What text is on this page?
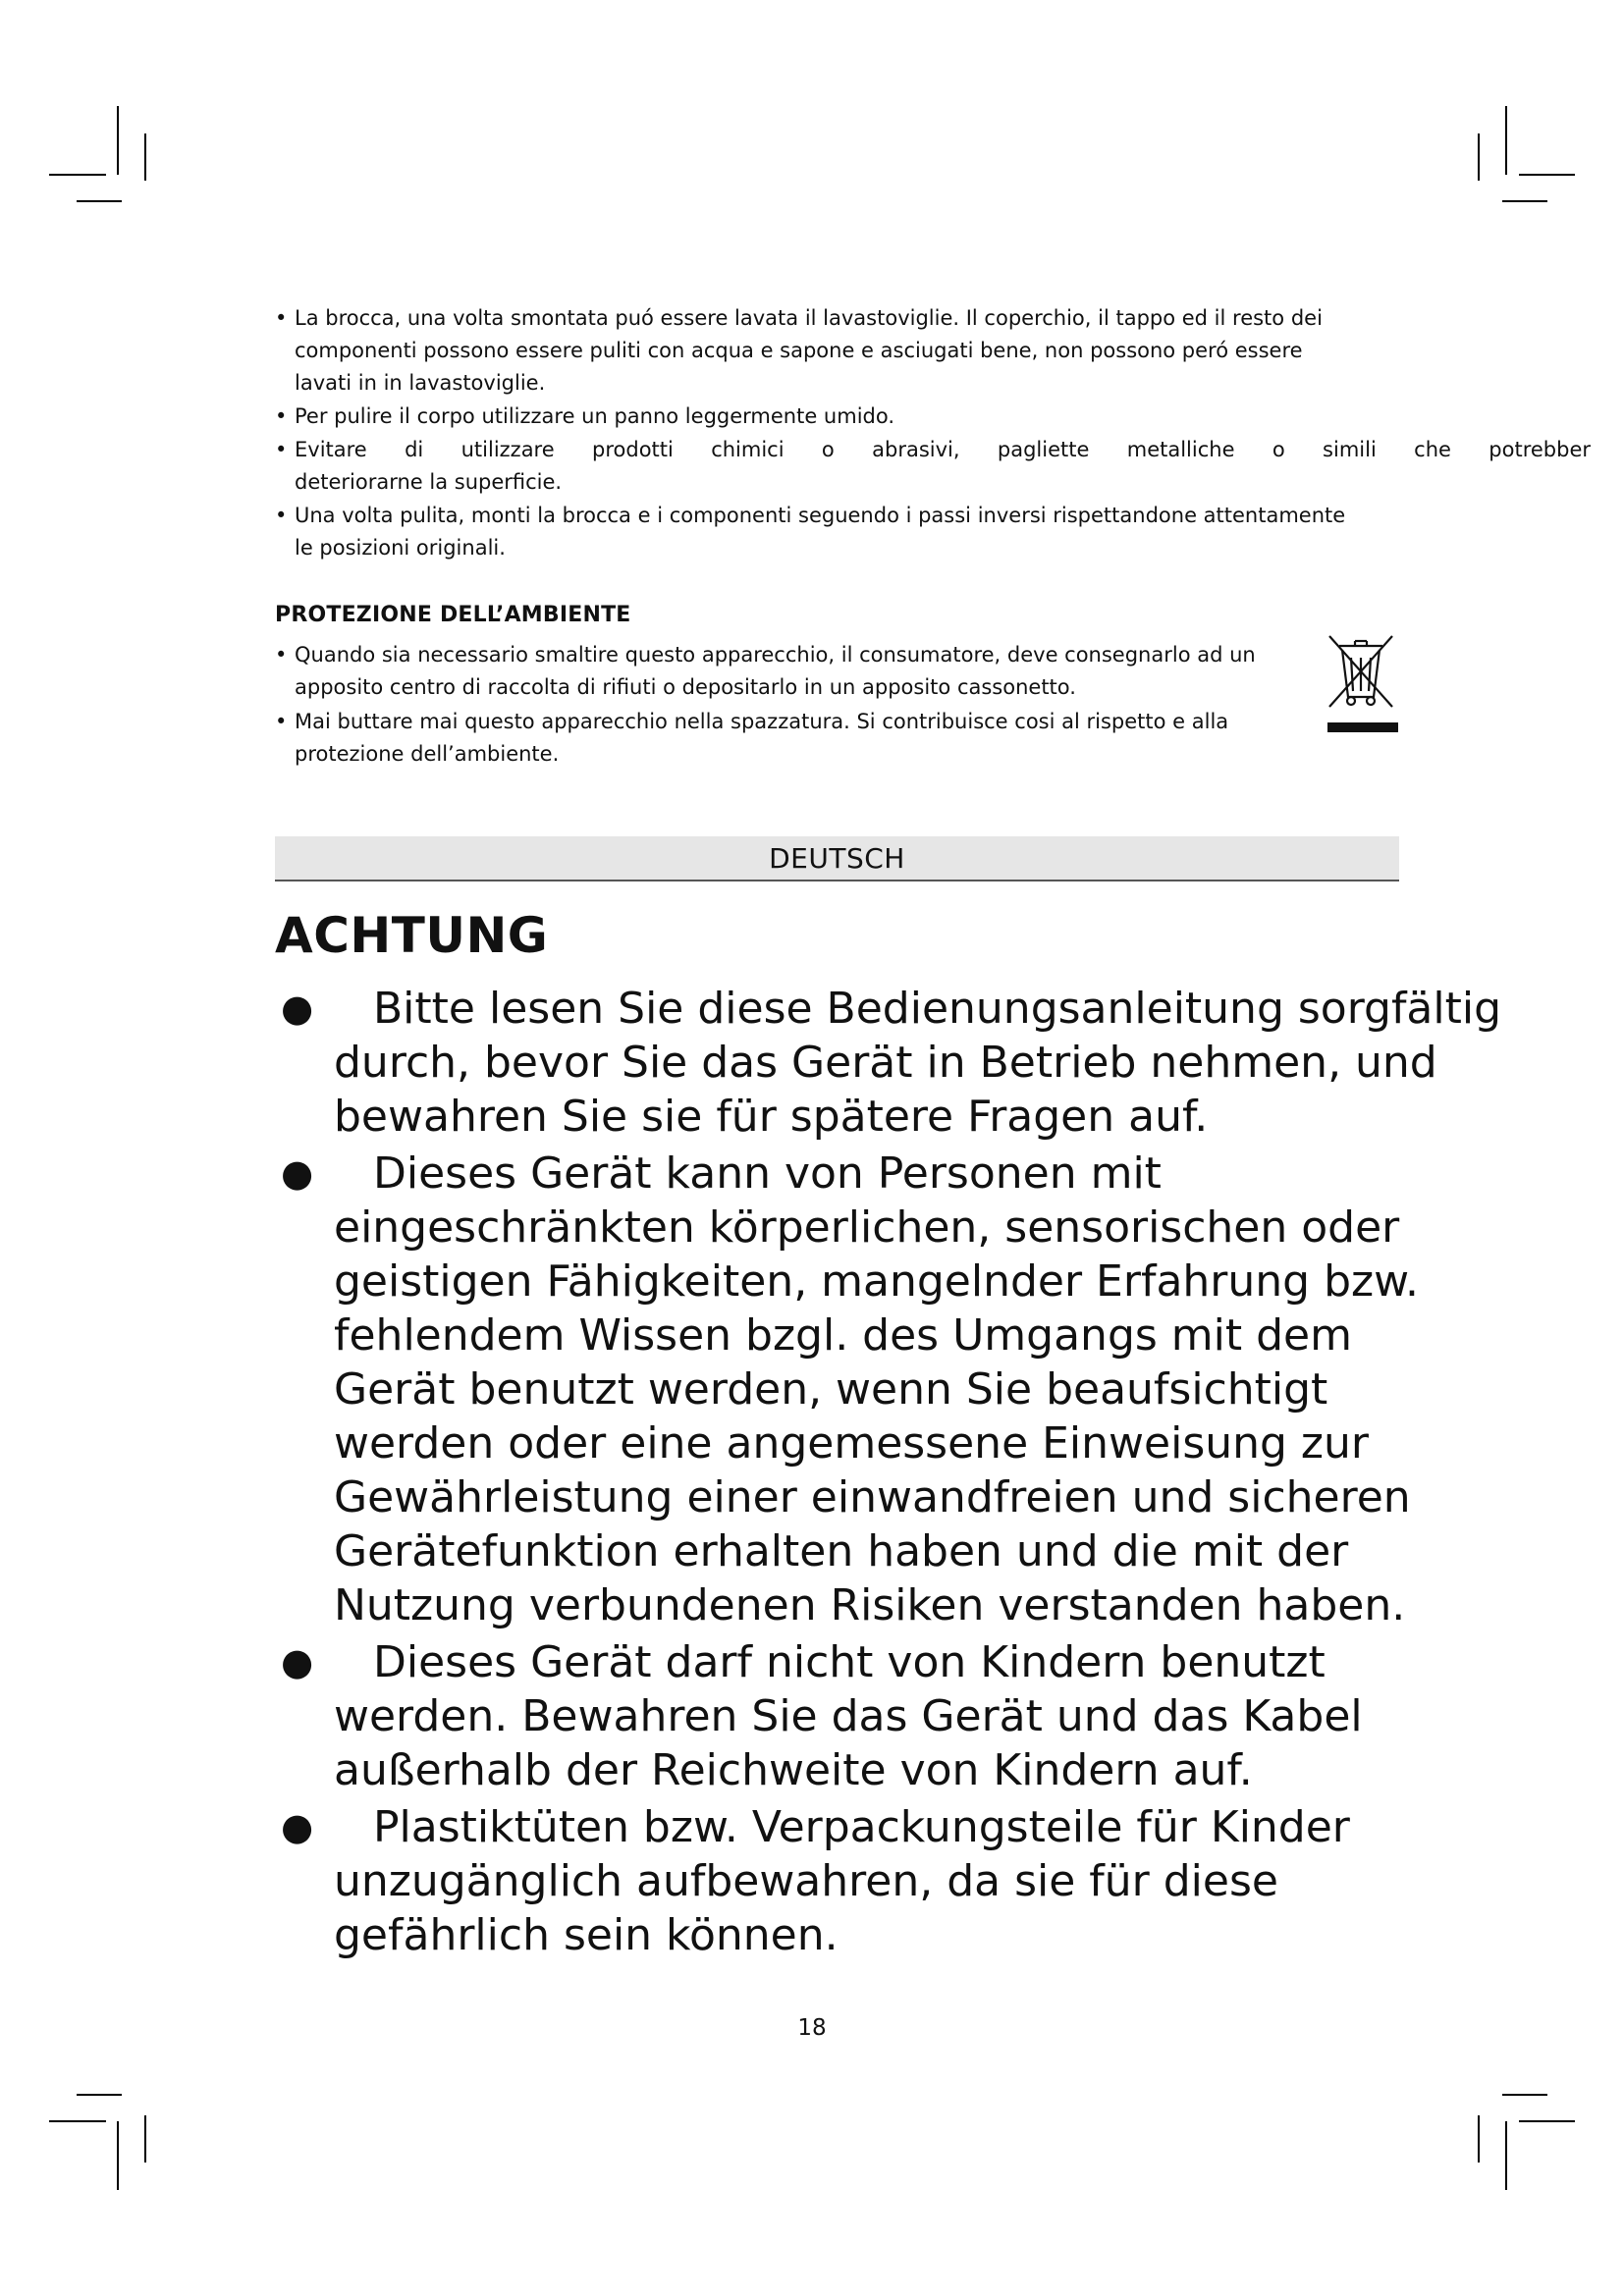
• La brocca, una volta smontata puó essere lavata il lavastoviglie. Il coperchio, il tappo ed il resto dei
componenti possono essere puliti con acqua e sapone e asciugati bene, non possono peró essere
lavati in in lavastoviglie.
• Per pulire il corpo utilizzare un panno leggermente umido.
• Evitare di utilizzare prodotti chimici o abrasivi, pagliette metalliche o simili che potrebber
deteriorarne la superficie.
• Una volta pulita, monti la brocca e i componenti seguendo i passi inversi rispettandone attentamente
le posizioni originali.
PROTEZIONE DELL’AMBIENTE
• Quando sia necessario smaltire questo apparecchio, il consumatore, deve consegnarlo ad un
apposito centro di raccolta di rifiuti o depositarlo in un apposito cassonetto.
• Mai buttare mai questo apparecchio nella spazzatura. Si contribuisce cosi al rispetto e alla
protezione dell’ambiente.
DEUTSCH
ACHTUNG
●	Bitte lesen Sie diese Bedienungsanleitung sorgfältig
durch, bevor Sie das Gerät in Betrieb nehmen, und
bewahren Sie sie für spätere Fragen auf.
●	Dieses Gerät kann von Personen mit
eingeschränkten körperlichen, sensorischen oder
geistigen Fähigkeiten, mangelnder Erfahrung bzw.
fehlendem Wissen bzgl. des Umgangs mit dem
Gerät benutzt werden, wenn Sie beaufsichtigt
werden oder eine angemessene Einweisung zur
Gewährleistung einer einwandfreien und sicheren
Gerätefunktion erhalten haben und die mit der
Nutzung verbundenen Risiken verstanden haben.
●	Dieses Gerät darf nicht von Kindern benutzt
werden. Bewahren Sie das Gerät und das Kabel
außerhalb der Reichweite von Kindern auf.
●	Plastiktüten bzw. Verpackungsteile für Kinder
unzugänglich aufbewahren, da sie für diese
gefährlich sein können.
18
